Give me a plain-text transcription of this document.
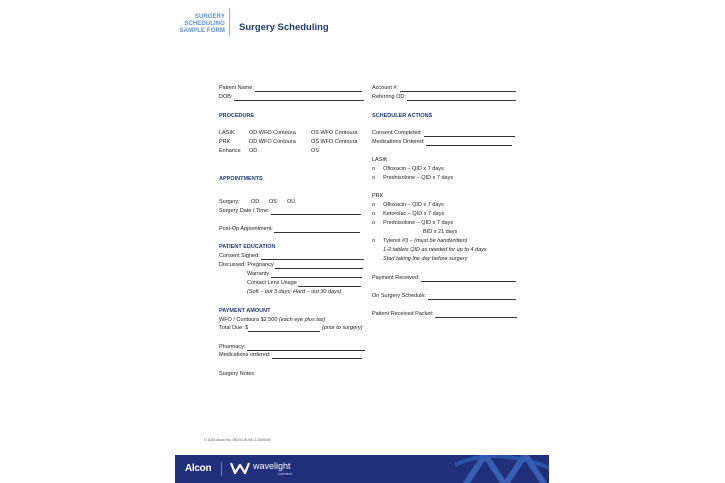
SURGERY
SCHEDULING
SAMPLE FORM Surgery Scheduling
Patient Name:
DOB:
PROCEDURE
LASIK	OD WFO Contoura	OS WFO Contoura
PRK	OD WFO Contoura	OS WFO Contoura
Enhance OD	OS
APPOINTMENTS
Surgery: OD OS OU
Surgery Date / Time:
Post-Op Appointment:
PATIENT EDUCATION
Consent Signed:
Discussed: Pregnancy
Warranty
Contact Lens Usage
(Soft – out 3 days; Hard – out 30 days)
PAYMENT AMOUNT
WFO / Contoura $2,500 (each eye plus tax)
Total Due: $	(prior to surgery)
Pharmacy:
Medications ordered:
Surgery Notes:
Account #:
Referring OD:
SCHEDULER ACTIONS
Consent Completed:
Medications Ordered:
LASIK
o Ofloxacin – QID x 7 days
o Prednisolone – QID x 7 days
PRK
o Ofloxacin – QID x 7 days
o Ketorolac – QID x 7 days
o Prednisolone – QID x 7 days
BID x 21 days
o Tylenol #3 – (must be handwritten)
1-2 tablets QID as needed for up to 4 days
Start taking the day before surgery
Payment Received:
On Surgery Schedule:
Patient Received Packet:
© 2024 Alcon Inc. 08/24 US-WLO-2400000
Alcon	wavelight
connect
